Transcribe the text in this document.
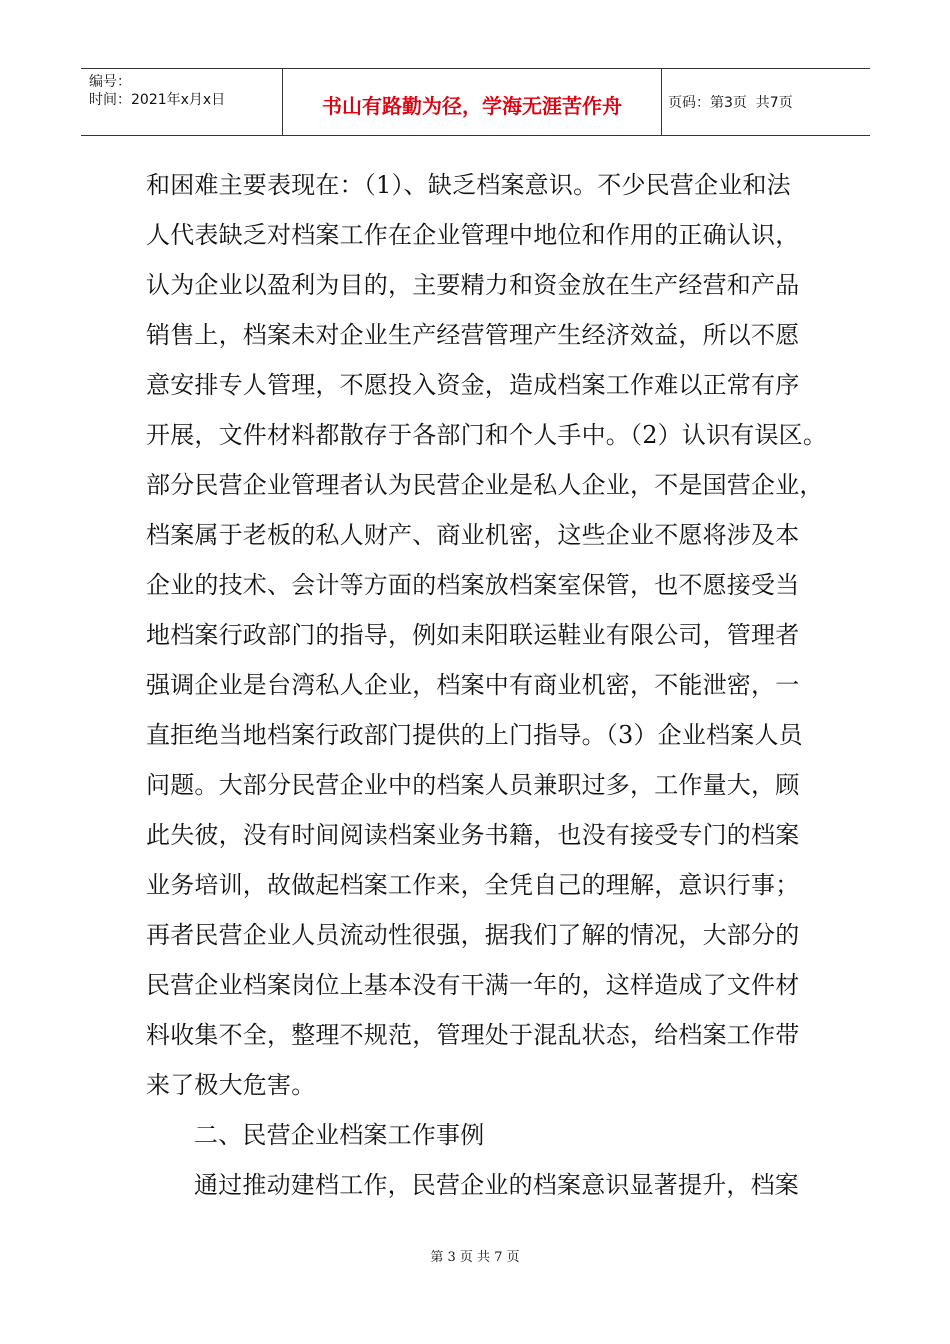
编号：
时间：2021年x月x日	书山有路勤为径，学海无涯苦作舟	页码：第3页  共7页
和困难主要表现在：（1）、缺乏档案意识。不少民营企业和法
人代表缺乏对档案工作在企业管理中地位和作用的正确认识，
认为企业以盈利为目的，主要精力和资金放在生产经营和产品
销售上，档案未对企业生产经营管理产生经济效益，所以不愿
意安排专人管理，不愿投入资金，造成档案工作难以正常有序
开展，文件材料都散存于各部门和个人手中。（2）认识有误区。
部分民营企业管理者认为民营企业是私人企业，不是国营企业，
档案属于老板的私人财产、商业机密，这些企业不愿将涉及本
企业的技术、会计等方面的档案放档案室保管，也不愿接受当
地档案行政部门的指导，例如耒阳联运鞋业有限公司，管理者
强调企业是台湾私人企业，档案中有商业机密，不能泄密，一
直拒绝当地档案行政部门提供的上门指导。（3）企业档案人员
问题。大部分民营企业中的档案人员兼职过多，工作量大，顾
此失彼，没有时间阅读档案业务书籍，也没有接受专门的档案
业务培训，故做起档案工作来，全凭自己的理解，意识行事；
再者民营企业人员流动性很强，据我们了解的情况，大部分的
民营企业档案岗位上基本没有干满一年的，这样造成了文件材
料收集不全，整理不规范，管理处于混乱状态，给档案工作带
来了极大危害。
二、民营企业档案工作事例
通过推动建档工作，民营企业的档案意识显著提升，档案
第 3 页 共 7 页
